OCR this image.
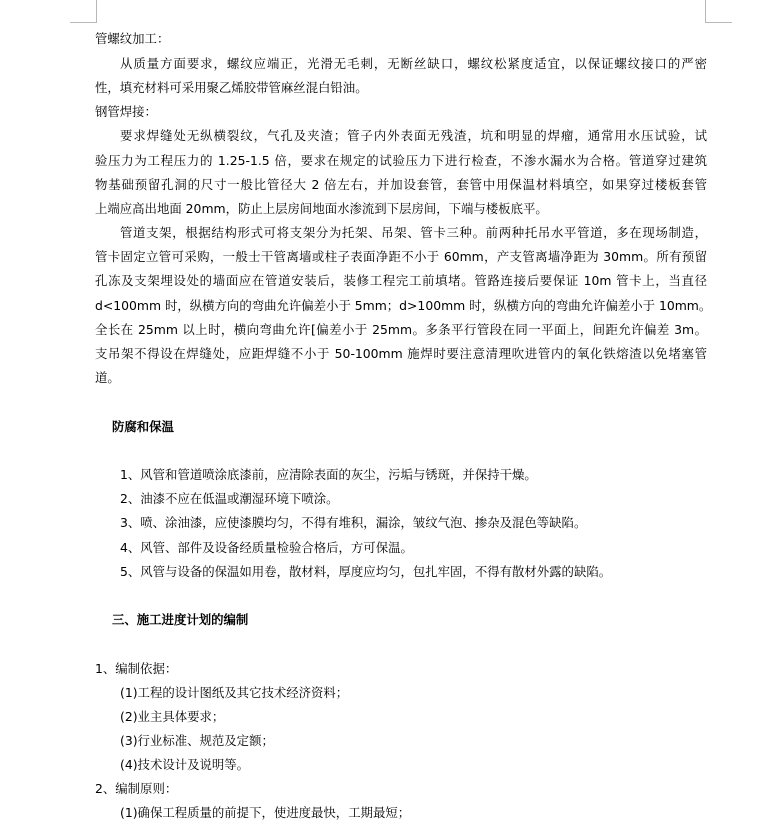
管螺纹加工：
从质量方面要求，螺纹应端正，光滑无毛刺，无断丝缺口，螺纹松紧度适宜，以保证螺纹接口的严密
性，填充材料可采用聚乙烯胶带管麻丝混白铅油。
钢管焊接：
要求焊缝处无纵横裂纹，气孔及夹渣；管子内外表面无残渣，坑和明显的焊瘤，通常用水压试验，试
验压力为工程压力的 1.25-1.5 倍，要求在规定的试验压力下进行检查，不渗水漏水为合格。管道穿过建筑
物基础预留孔洞的尺寸一般比管径大 2 倍左右，并加设套管，套管中用保温材料填空，如果穿过楼板套管
上端应高出地面 20mm，防止上层房间地面水渗流到下层房间，下端与楼板底平。
管道支架，根据结构形式可将支架分为托架、吊架、管卡三种。前两种托吊水平管道，多在现场制造，
管卡固定立管可采购，一般士干管离墙或柱子表面净距不小于 60mm，产支管离墙净距为 30mm。所有预留
孔冻及支架埋设处的墙面应在管道安装后，装修工程完工前填堵。管路连接后要保证 10m 管卡上，当直径
d<100mm 时，纵横方向的弯曲允许偏差小于 5mm；d>100mm 时，纵横方向的弯曲允许偏差小于 10mm。
全长在 25mm 以上时，横向弯曲允许[偏差小于 25mm。多条平行管段在同一平面上，间距允许偏差 3m。
支吊架不得设在焊缝处，应距焊缝不小于 50-100mm 施焊时要注意清理吹进管内的氧化铁熔渣以免堵塞管
道。
防腐和保温
1、风管和管道喷涂底漆前，应清除表面的灰尘，污垢与锈斑，并保持干燥。
2、油漆不应在低温或潮湿环境下喷涂。
3、喷、涂油漆，应使漆膜均匀，不得有堆积，漏涂，皱纹气泡、掺杂及混色等缺陷。
4、风管、部件及设备经质量检验合格后，方可保温。
5、风管与设备的保温如用卷，散材料，厚度应均匀，包扎牢固，不得有散材外露的缺陷。
三、施工进度计划的编制
1、编制依据：
(1)工程的设计图纸及其它技术经济资料；
(2)业主具体要求；
(3)行业标准、规范及定额；
(4)技术设计及说明等。
2、编制原则：
(1)确保工程质量的前提下，使进度最快，工期最短；
